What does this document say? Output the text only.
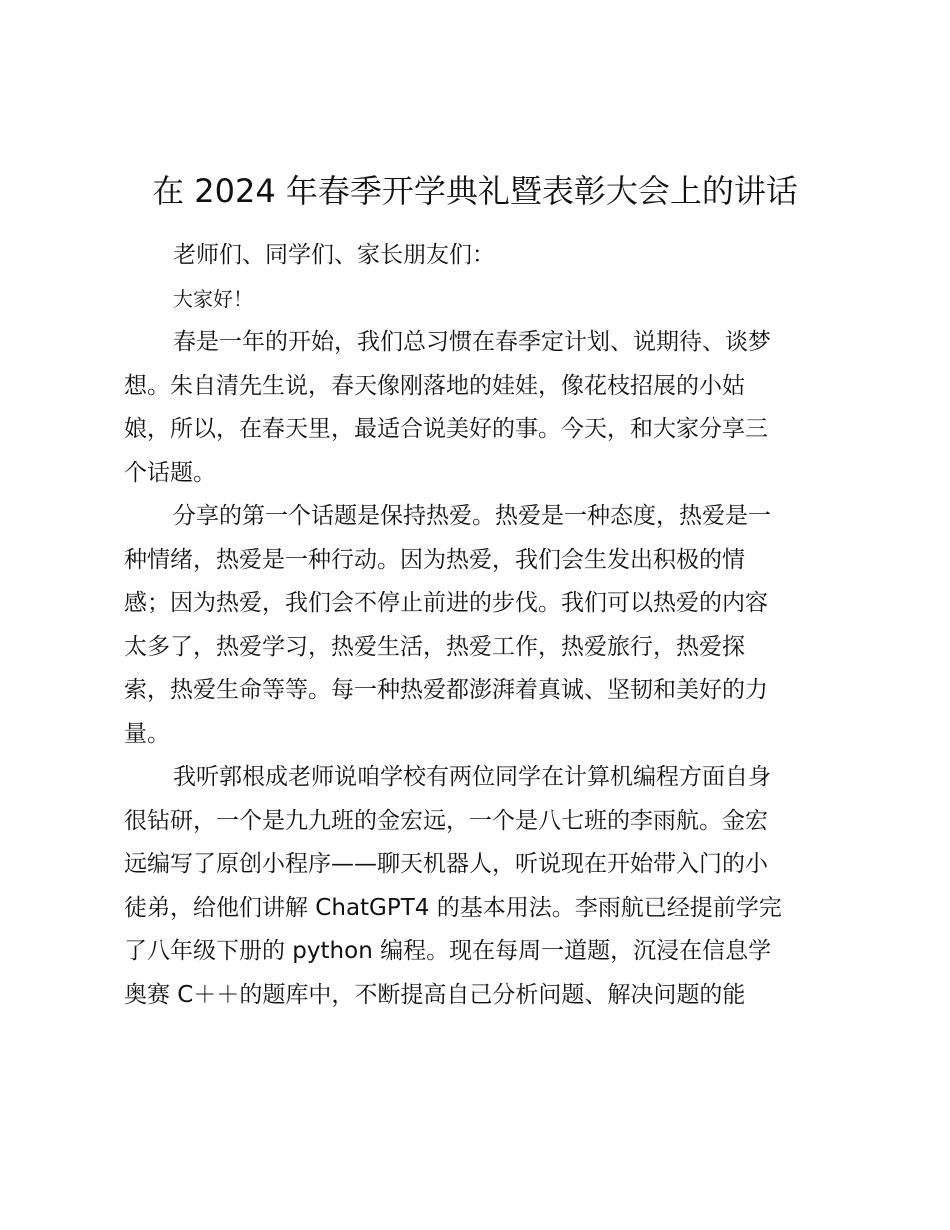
在 2024 年春季开学典礼暨表彰大会上的讲话
老师们、同学们、家长朋友们：
大家好！
春是一年的开始，我们总习惯在春季定计划、说期待、谈梦
想。朱自清先生说，春天像刚落地的娃娃，像花枝招展的小姑
娘，所以，在春天里，最适合说美好的事。今天，和大家分享三
个话题。
分享的第一个话题是保持热爱。热爱是一种态度，热爱是一
种情绪，热爱是一种行动。因为热爱，我们会生发出积极的情
感；因为热爱，我们会不停止前进的步伐。我们可以热爱的内容
太多了，热爱学习，热爱生活，热爱工作，热爱旅行，热爱探
索，热爱生命等等。每一种热爱都澎湃着真诚、坚韧和美好的力
量。
我听郭根成老师说咱学校有两位同学在计算机编程方面自身
很钻研，一个是九九班的金宏远，一个是八七班的李雨航。金宏
远编写了原创小程序——聊天机器人，听说现在开始带入门的小
徒弟，给他们讲解 ChatGPT4 的基本用法。李雨航已经提前学完
了八年级下册的 python 编程。现在每周一道题，沉浸在信息学
奥赛 C＋＋的题库中，不断提高自己分析问题、解决问题的能
